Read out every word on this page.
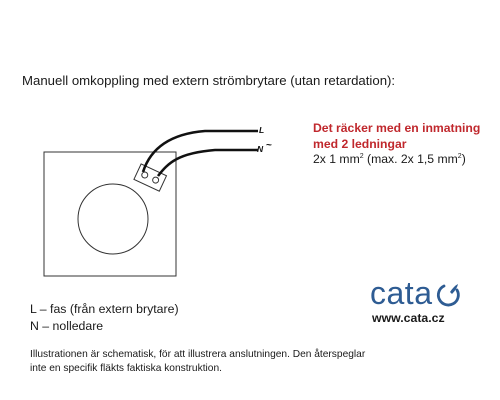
Manuell omkoppling med extern strömbrytare (utan retardation):
L
N ~
Det räcker med en inmatning
med 2 ledningar
2x 1 $mm^2$ (max. 2x 1,5 $mm^2$)
L – fas (från extern brytare)
N – nolledare
cata
www.cata.cz
Illustrationen är schematisk, för att illustrera anslutningen. Den återspeglar
inte en specifik fläkts faktiska konstruktion.
